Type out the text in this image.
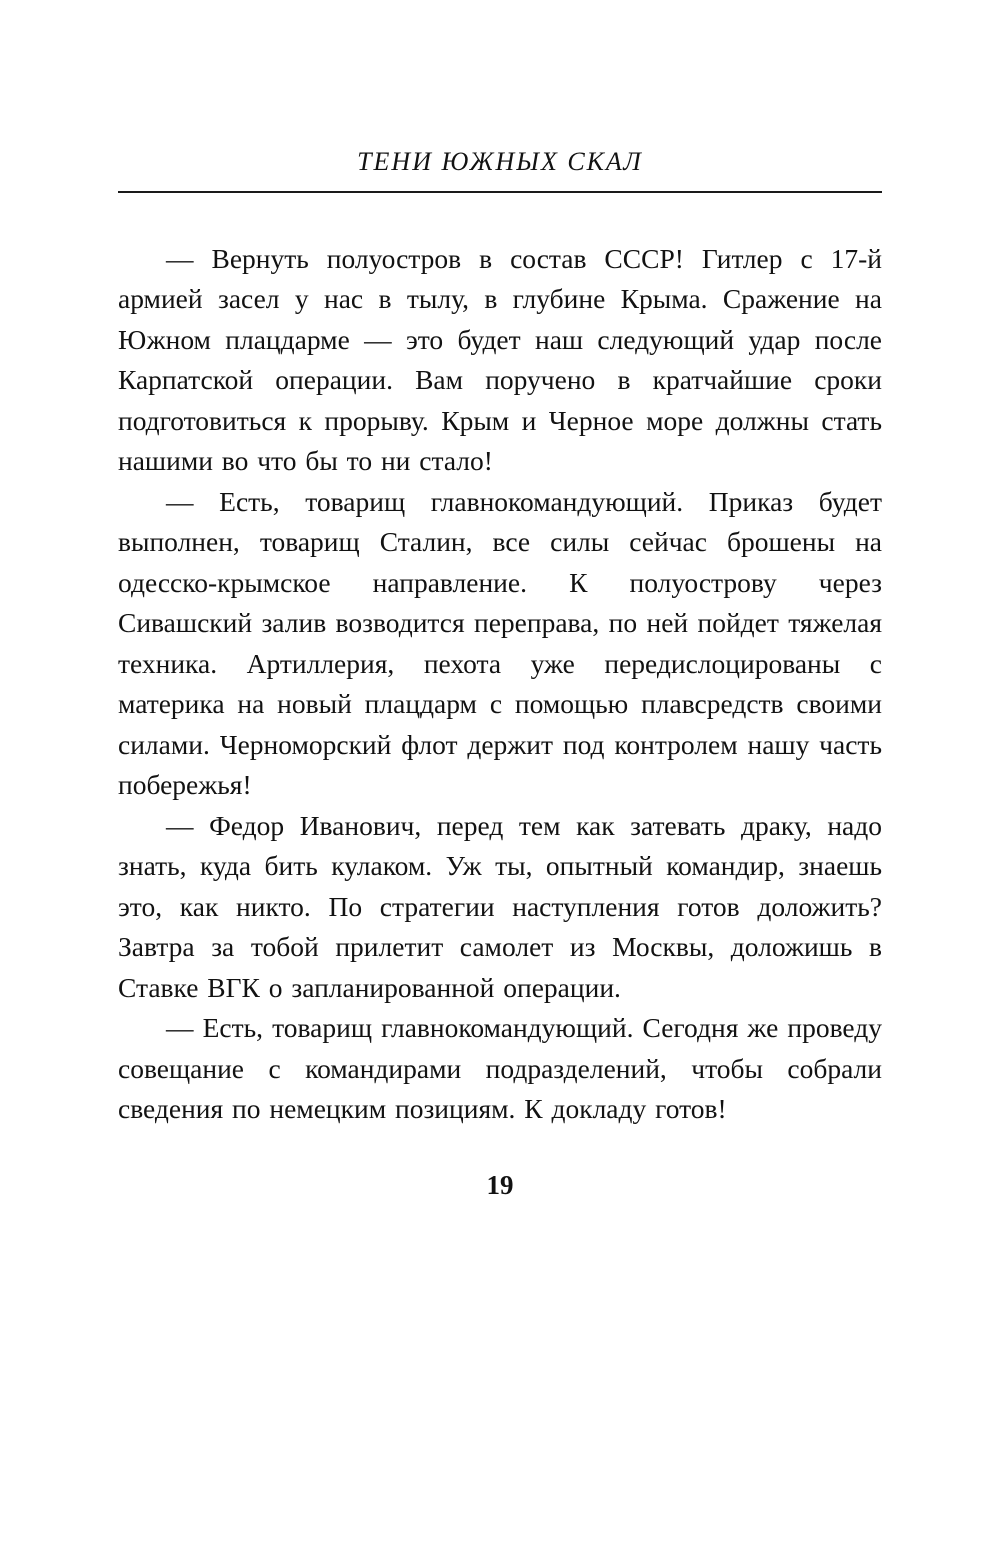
ТЕНИ ЮЖНЫХ СКАЛ

— Вернуть полуостров в состав СССР! Гитлер с 17-й армией засел у нас в тылу, в глубине Крыма. Сражение на Южном плацдарме — это будет наш следующий удар после Карпатской операции. Вам поручено в кратчайшие сроки подготовиться к прорыву. Крым и Черное море должны стать нашими во что бы то ни стало!

— Есть, товарищ главнокомандующий. Приказ будет выполнен, товарищ Сталин, все силы сейчас брошены на одесско-крымское направление. К полуострову через Сивашский залив возводится переправа, по ней пойдет тяжелая техника. Артиллерия, пехота уже передислоцированы с материка на новый плацдарм с помощью плавсредств своими силами. Черноморский флот держит под контролем нашу часть побережья!

— Федор Иванович, перед тем как затевать драку, надо знать, куда бить кулаком. Уж ты, опытный командир, знаешь это, как никто. По стратегии наступления готов доложить? Завтра за тобой прилетит самолет из Москвы, доложишь в Ставке ВГК о запланированной операции.

— Есть, товарищ главнокомандующий. Сегодня же проведу совещание с командирами подразделений, чтобы собрали сведения по немецким позициям. К докладу готов!

19
